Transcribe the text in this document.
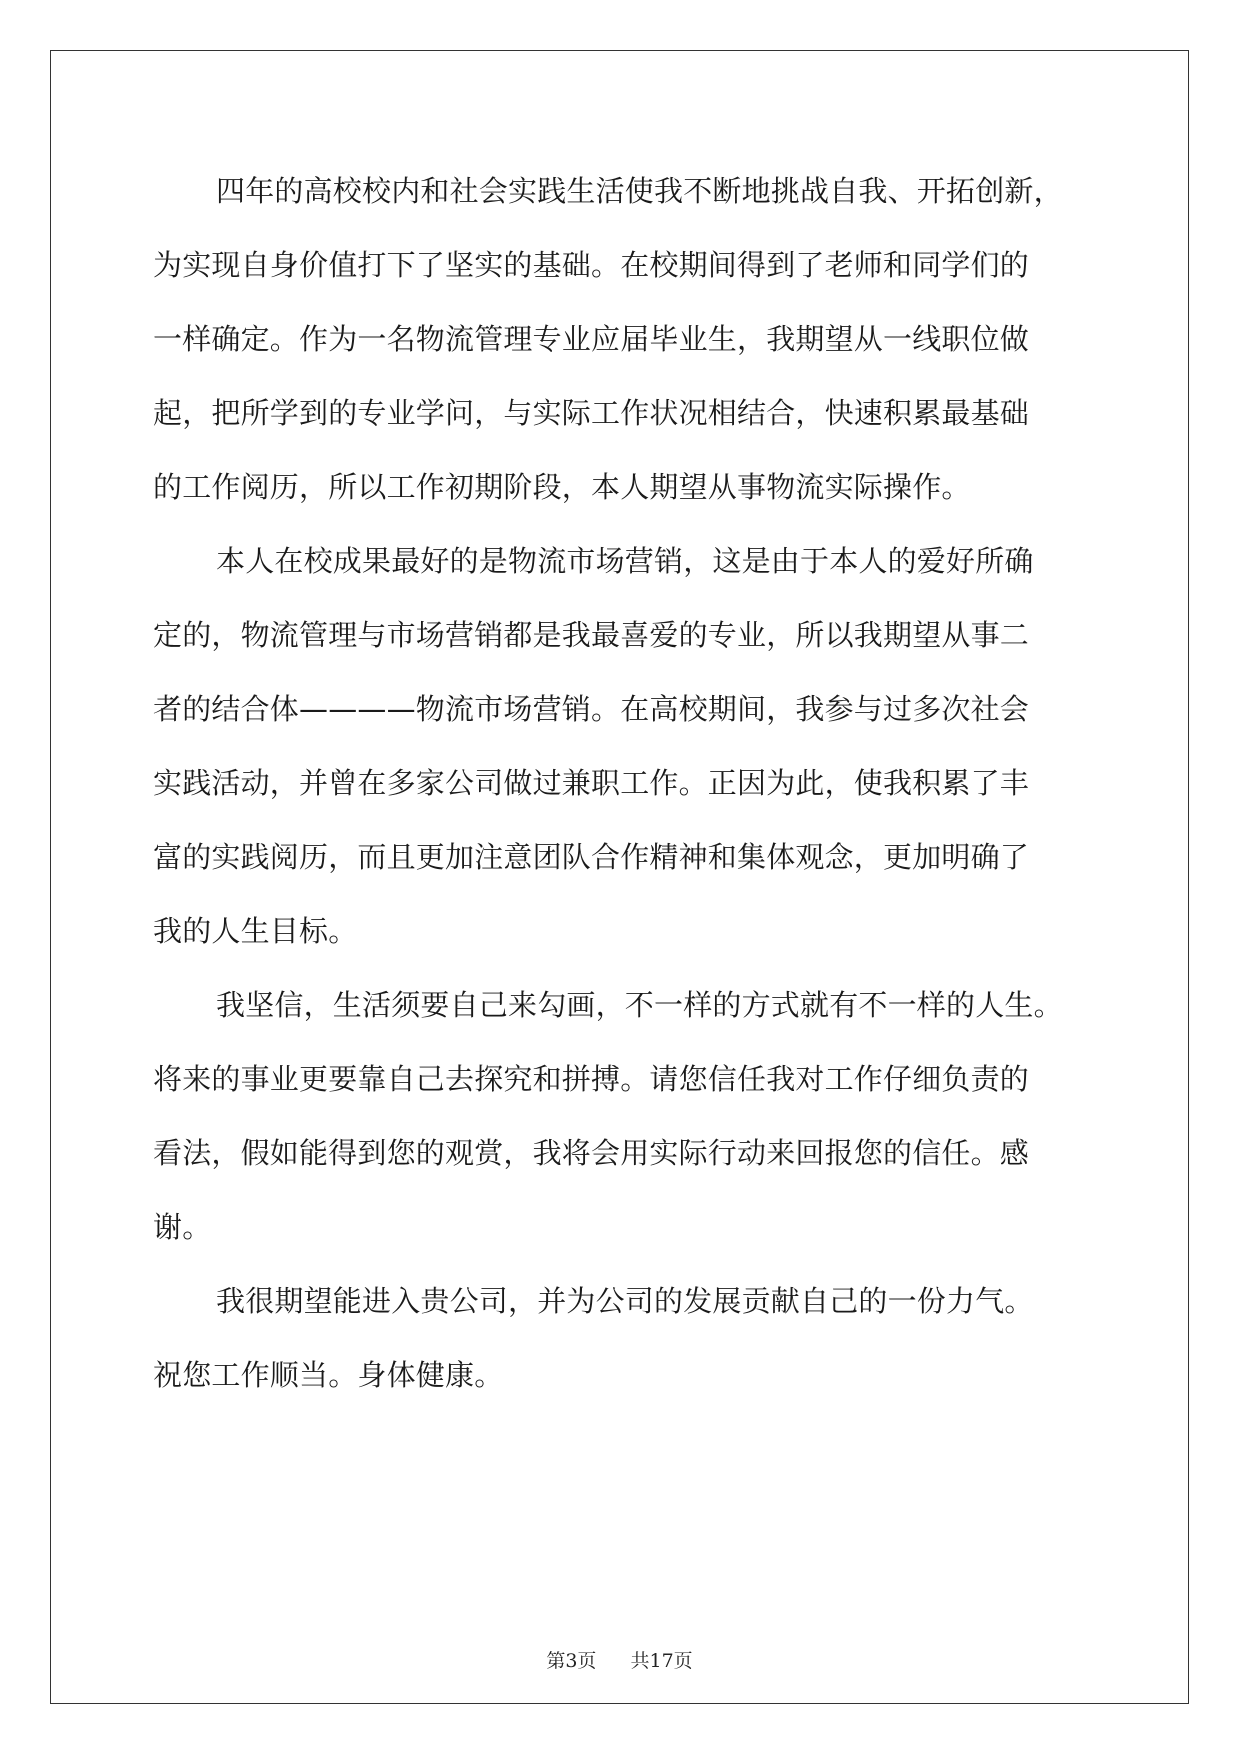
四年的高校校内和社会实践生活使我不断地挑战自我、开拓创新，

为实现自身价值打下了坚实的基础。在校期间得到了老师和同学们的

一样确定。作为一名物流管理专业应届毕业生，我期望从一线职位做

起，把所学到的专业学问，与实际工作状况相结合，快速积累最基础

的工作阅历，所以工作初期阶段，本人期望从事物流实际操作。

本人在校成果最好的是物流市场营销，这是由于本人的爱好所确

定的，物流管理与市场营销都是我最喜爱的专业，所以我期望从事二

者的结合体————物流市场营销。在高校期间，我参与过多次社会

实践活动，并曾在多家公司做过兼职工作。正因为此，使我积累了丰

富的实践阅历，而且更加注意团队合作精神和集体观念，更加明确了

我的人生目标。

我坚信，生活须要自己来勾画，不一样的方式就有不一样的人生。

将来的事业更要靠自己去探究和拼搏。请您信任我对工作仔细负责的

看法，假如能得到您的观赏，我将会用实际行动来回报您的信任。感

谢。

我很期望能进入贵公司，并为公司的发展贡献自己的一份力气。

祝您工作顺当。身体健康。

第3页 共17页
